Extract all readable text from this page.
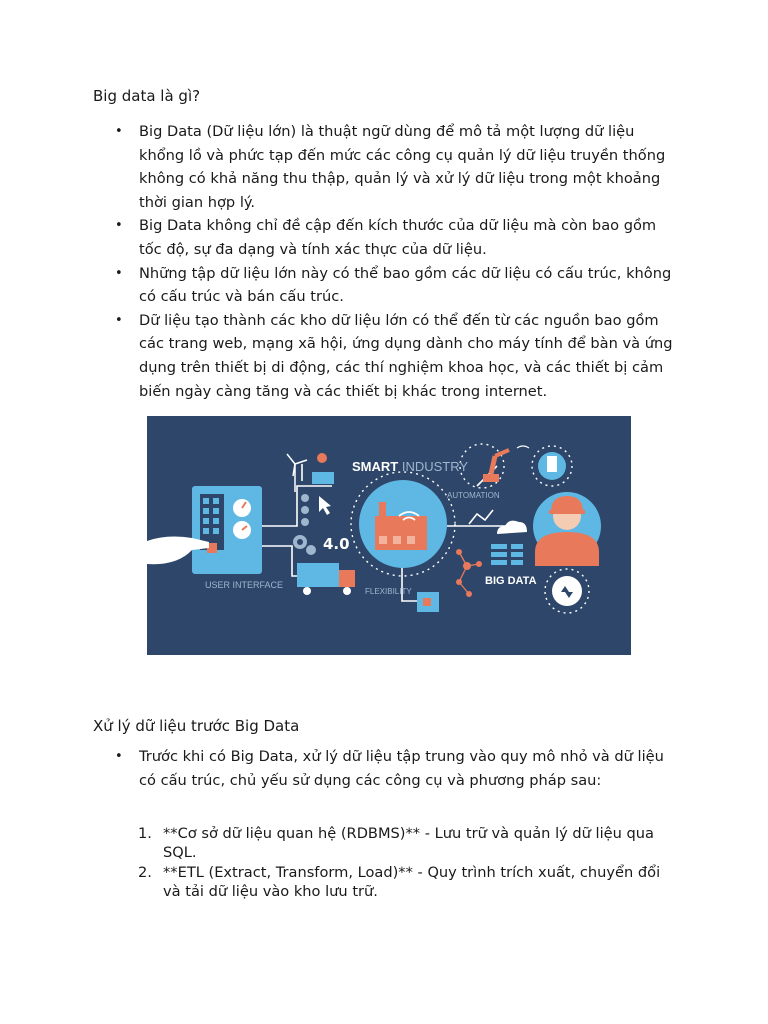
Big data là gì?
• Big Data (Dữ liệu lớn) là thuật ngữ dùng để mô tả một lượng dữ liệu khổng lồ và phức tạp đến mức các công cụ quản lý dữ liệu truyền thống không có khả năng thu thập, quản lý và xử lý dữ liệu trong một khoảng thời gian hợp lý.
• Big Data không chỉ đề cập đến kích thước của dữ liệu mà còn bao gồm tốc độ, sự đa dạng và tính xác thực của dữ liệu.
• Những tập dữ liệu lớn này có thể bao gồm các dữ liệu có cấu trúc, không có cấu trúc và bán cấu trúc.
• Dữ liệu tạo thành các kho dữ liệu lớn có thể đến từ các nguồn bao gồm các trang web, mạng xã hội, ứng dụng dành cho máy tính để bàn và ứng dụng trên thiết bị di động, các thí nghiệm khoa học, và các thiết bị cảm biến ngày càng tăng và các thiết bị khác trong internet.
USER INTERFACE
4.0
SMART INDUSTRY
AUTOMATION
BIG DATA
FLEXIBILITY
Xử lý dữ liệu trước Big Data
• Trước khi có Big Data, xử lý dữ liệu tập trung vào quy mô nhỏ và dữ liệu có cấu trúc, chủ yếu sử dụng các công cụ và phương pháp sau:
1. **Cơ sở dữ liệu quan hệ (RDBMS)** - Lưu trữ và quản lý dữ liệu qua SQL.
2. **ETL (Extract, Transform, Load)** - Quy trình trích xuất, chuyển đổi và tải dữ liệu vào kho lưu trữ.
